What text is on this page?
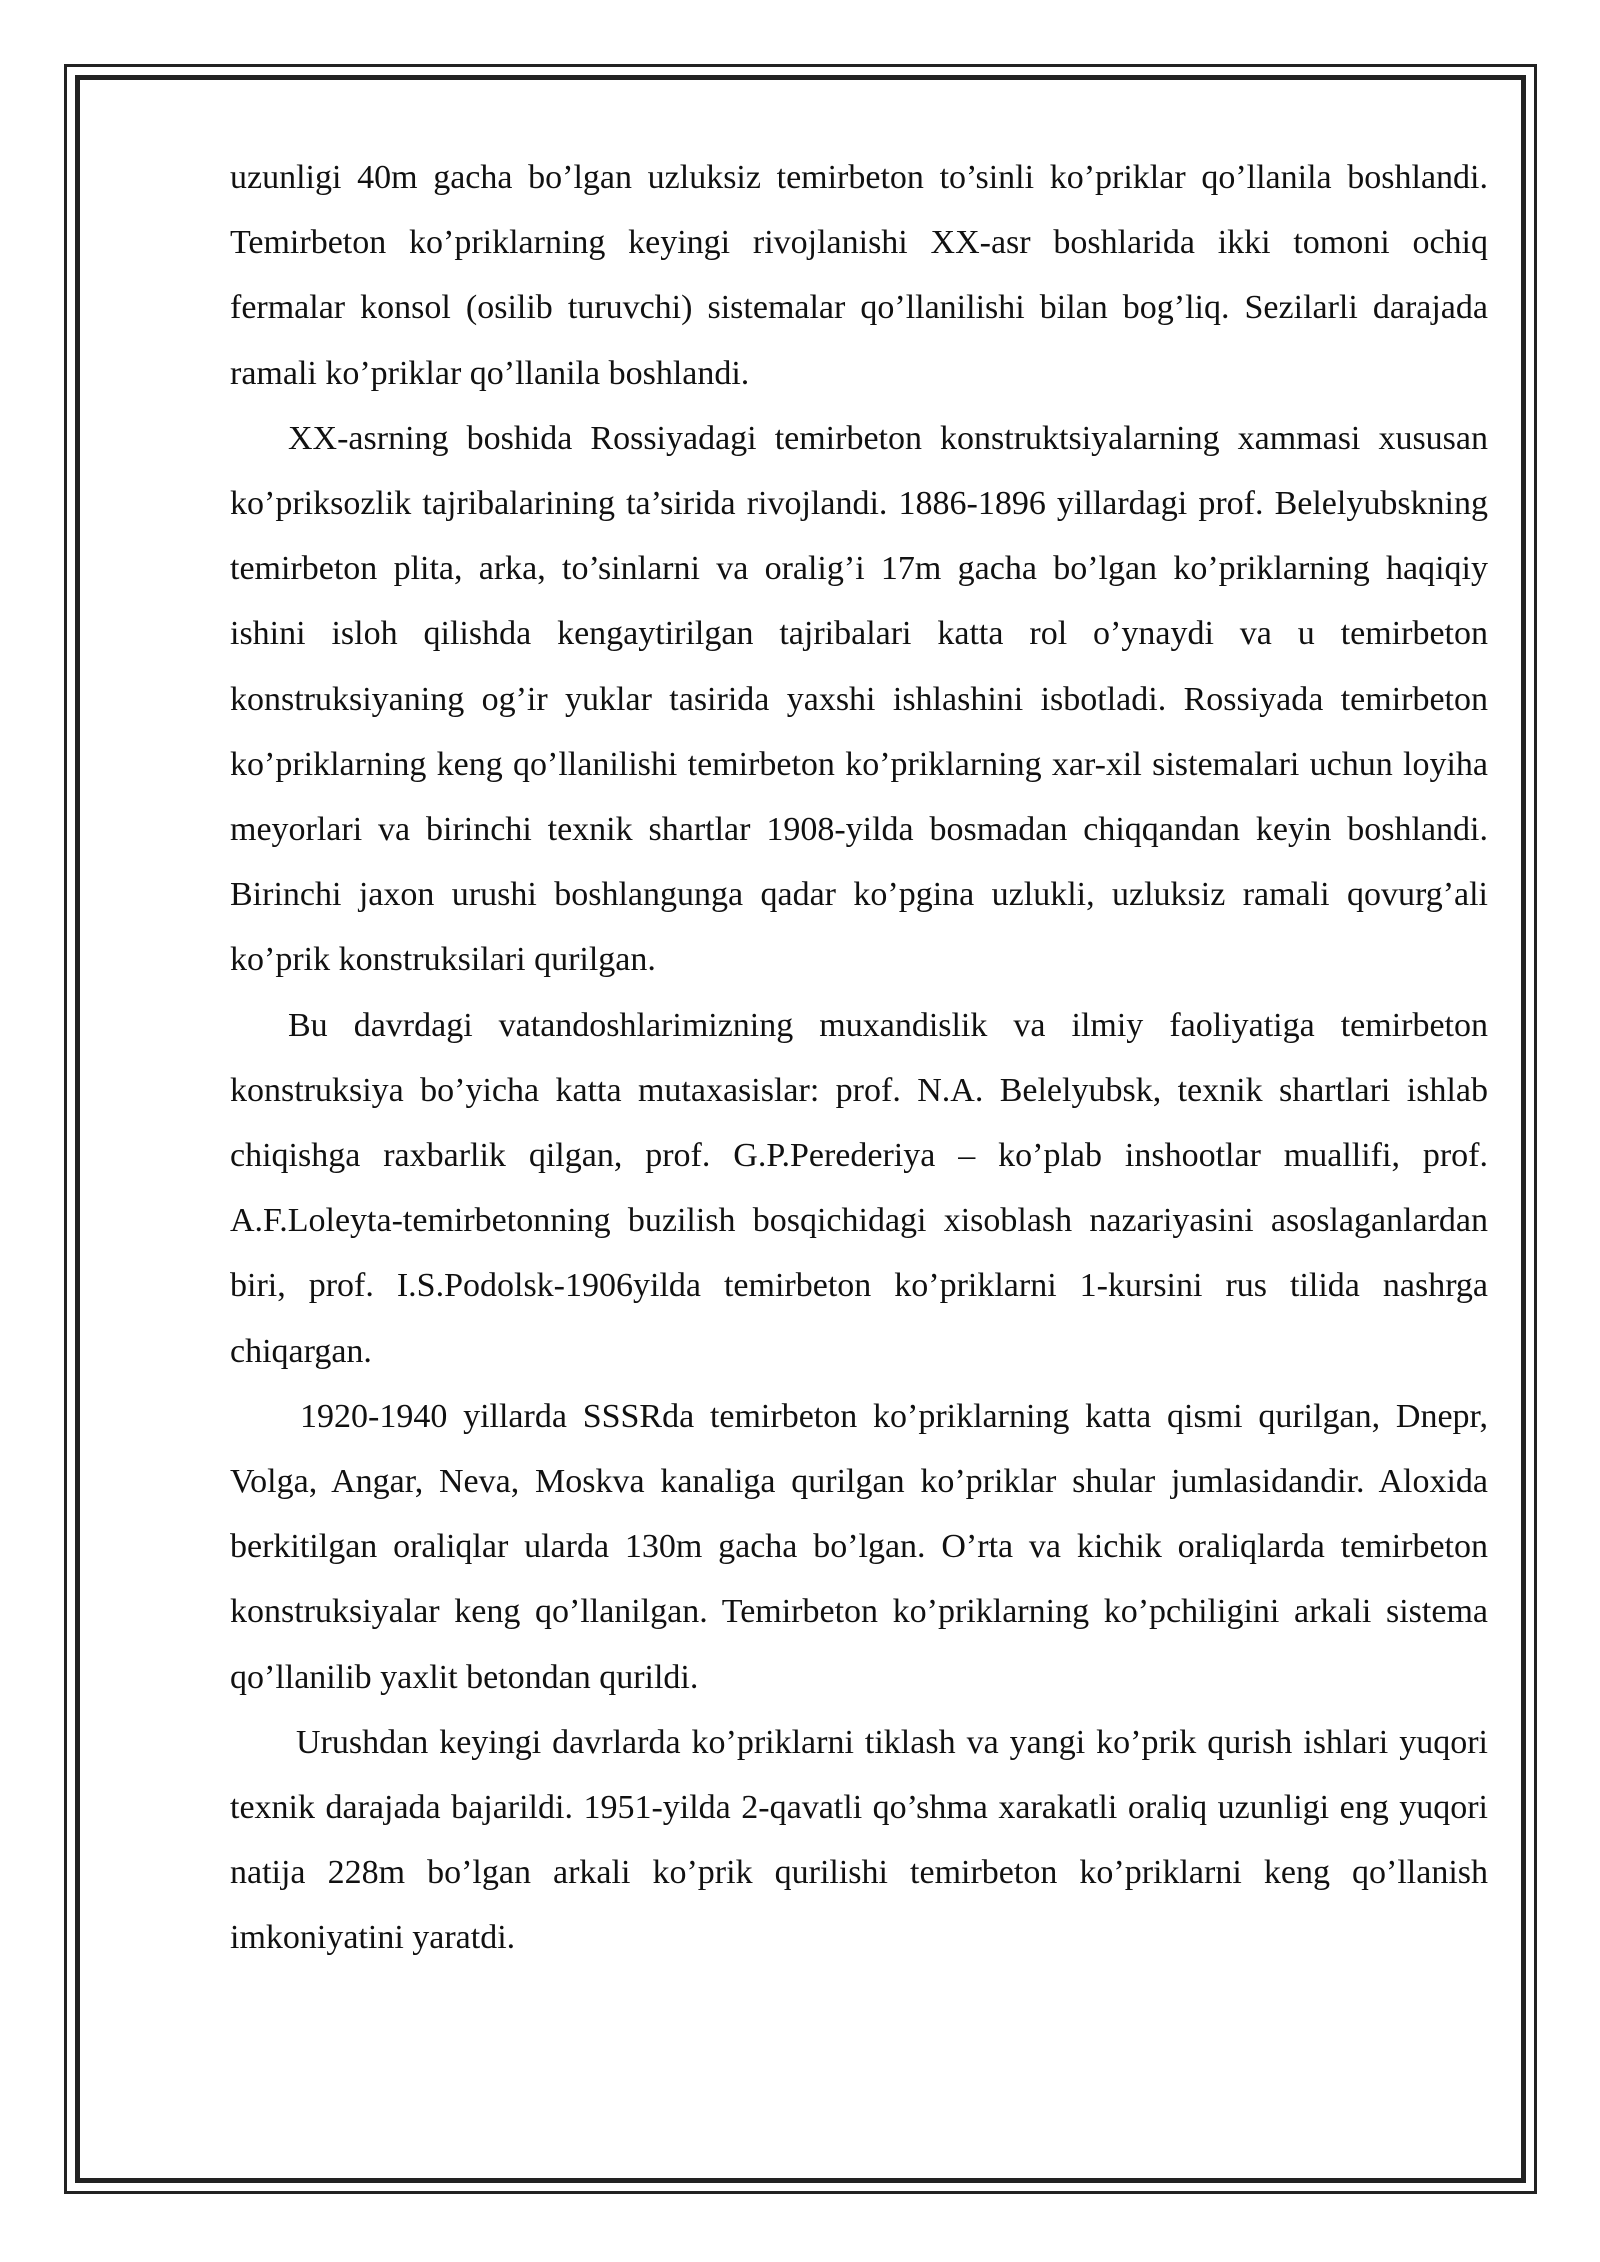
uzunligi 40m gacha bo’lgan uzluksiz temirbeton to’sinli ko’priklar qo’llanila boshlandi. Temirbeton ko’priklarning keyingi rivojlanishi XX-asr boshlarida ikki tomoni ochiq fermalar konsol (osilib turuvchi) sistemalar qo’llanilishi bilan bog’liq. Sezilarli darajada ramali ko’priklar qo’llanila boshlandi.

XX-asrning boshida Rossiyadagi temirbeton konstruktsiyalarning xammasi xususan ko’priksozlik tajribalarining ta’sirida rivojlandi. 1886-1896 yillardagi prof. Belelyubskning temirbeton plita, arka, to’sinlarni va oralig’i 17m gacha bo’lgan ko’priklarning haqiqiy ishini isloh qilishda kengaytirilgan tajribalari katta rol o’ynaydi va u temirbeton konstruksiyaning og’ir yuklar tasirida yaxshi ishlashini isbotladi. Rossiyada temirbeton ko’priklarning keng qo’llanilishi temirbeton ko’priklarning xar-xil sistemalari uchun loyiha meyorlari va birinchi texnik shartlar 1908-yilda bosmadan chiqqandan keyin boshlandi. Birinchi jaxon urushi boshlangunga qadar ko’pgina uzlukli, uzluksiz ramali qovurg’ali ko’prik konstruksilari qurilgan.

Bu davrdagi vatandoshlarimizning muxandislik va ilmiy faoliyatiga temirbeton konstruksiya bo’yicha katta mutaxasislar: prof. N.A. Belelyubsk, texnik shartlari ishlab chiqishga raxbarlik qilgan, prof. G.P.Perederiya – ko’plab inshootlar muallifi, prof. A.F.Loleyta-temirbetonning buzilish bosqichidagi xisoblash nazariyasini asoslaganlardan biri, prof. I.S.Podolsk-1906yilda temirbeton ko’priklarni 1-kursini rus tilida nashrga chiqargan.

1920-1940 yillarda SSSRda temirbeton ko’priklarning katta qismi qurilgan, Dnepr, Volga, Angar, Neva, Moskva kanaliga qurilgan ko’priklar shular jumlasidandir. Aloxida berkitilgan oraliqlar ularda 130m gacha bo’lgan. O’rta va kichik oraliqlarda temirbeton konstruksiyalar keng qo’llanilgan. Temirbeton ko’priklarning ko’pchiligini arkali sistema qo’llanilib yaxlit betondan qurildi.

Urushdan keyingi davrlarda ko’priklarni tiklash va yangi ko’prik qurish ishlari yuqori texnik darajada bajarildi. 1951-yilda 2-qavatli qo’shma xarakatli oraliq uzunligi eng yuqori natija 228m bo’lgan arkali ko’prik qurilishi temirbeton ko’priklarni keng qo’llanish imkoniyatini yaratdi.
